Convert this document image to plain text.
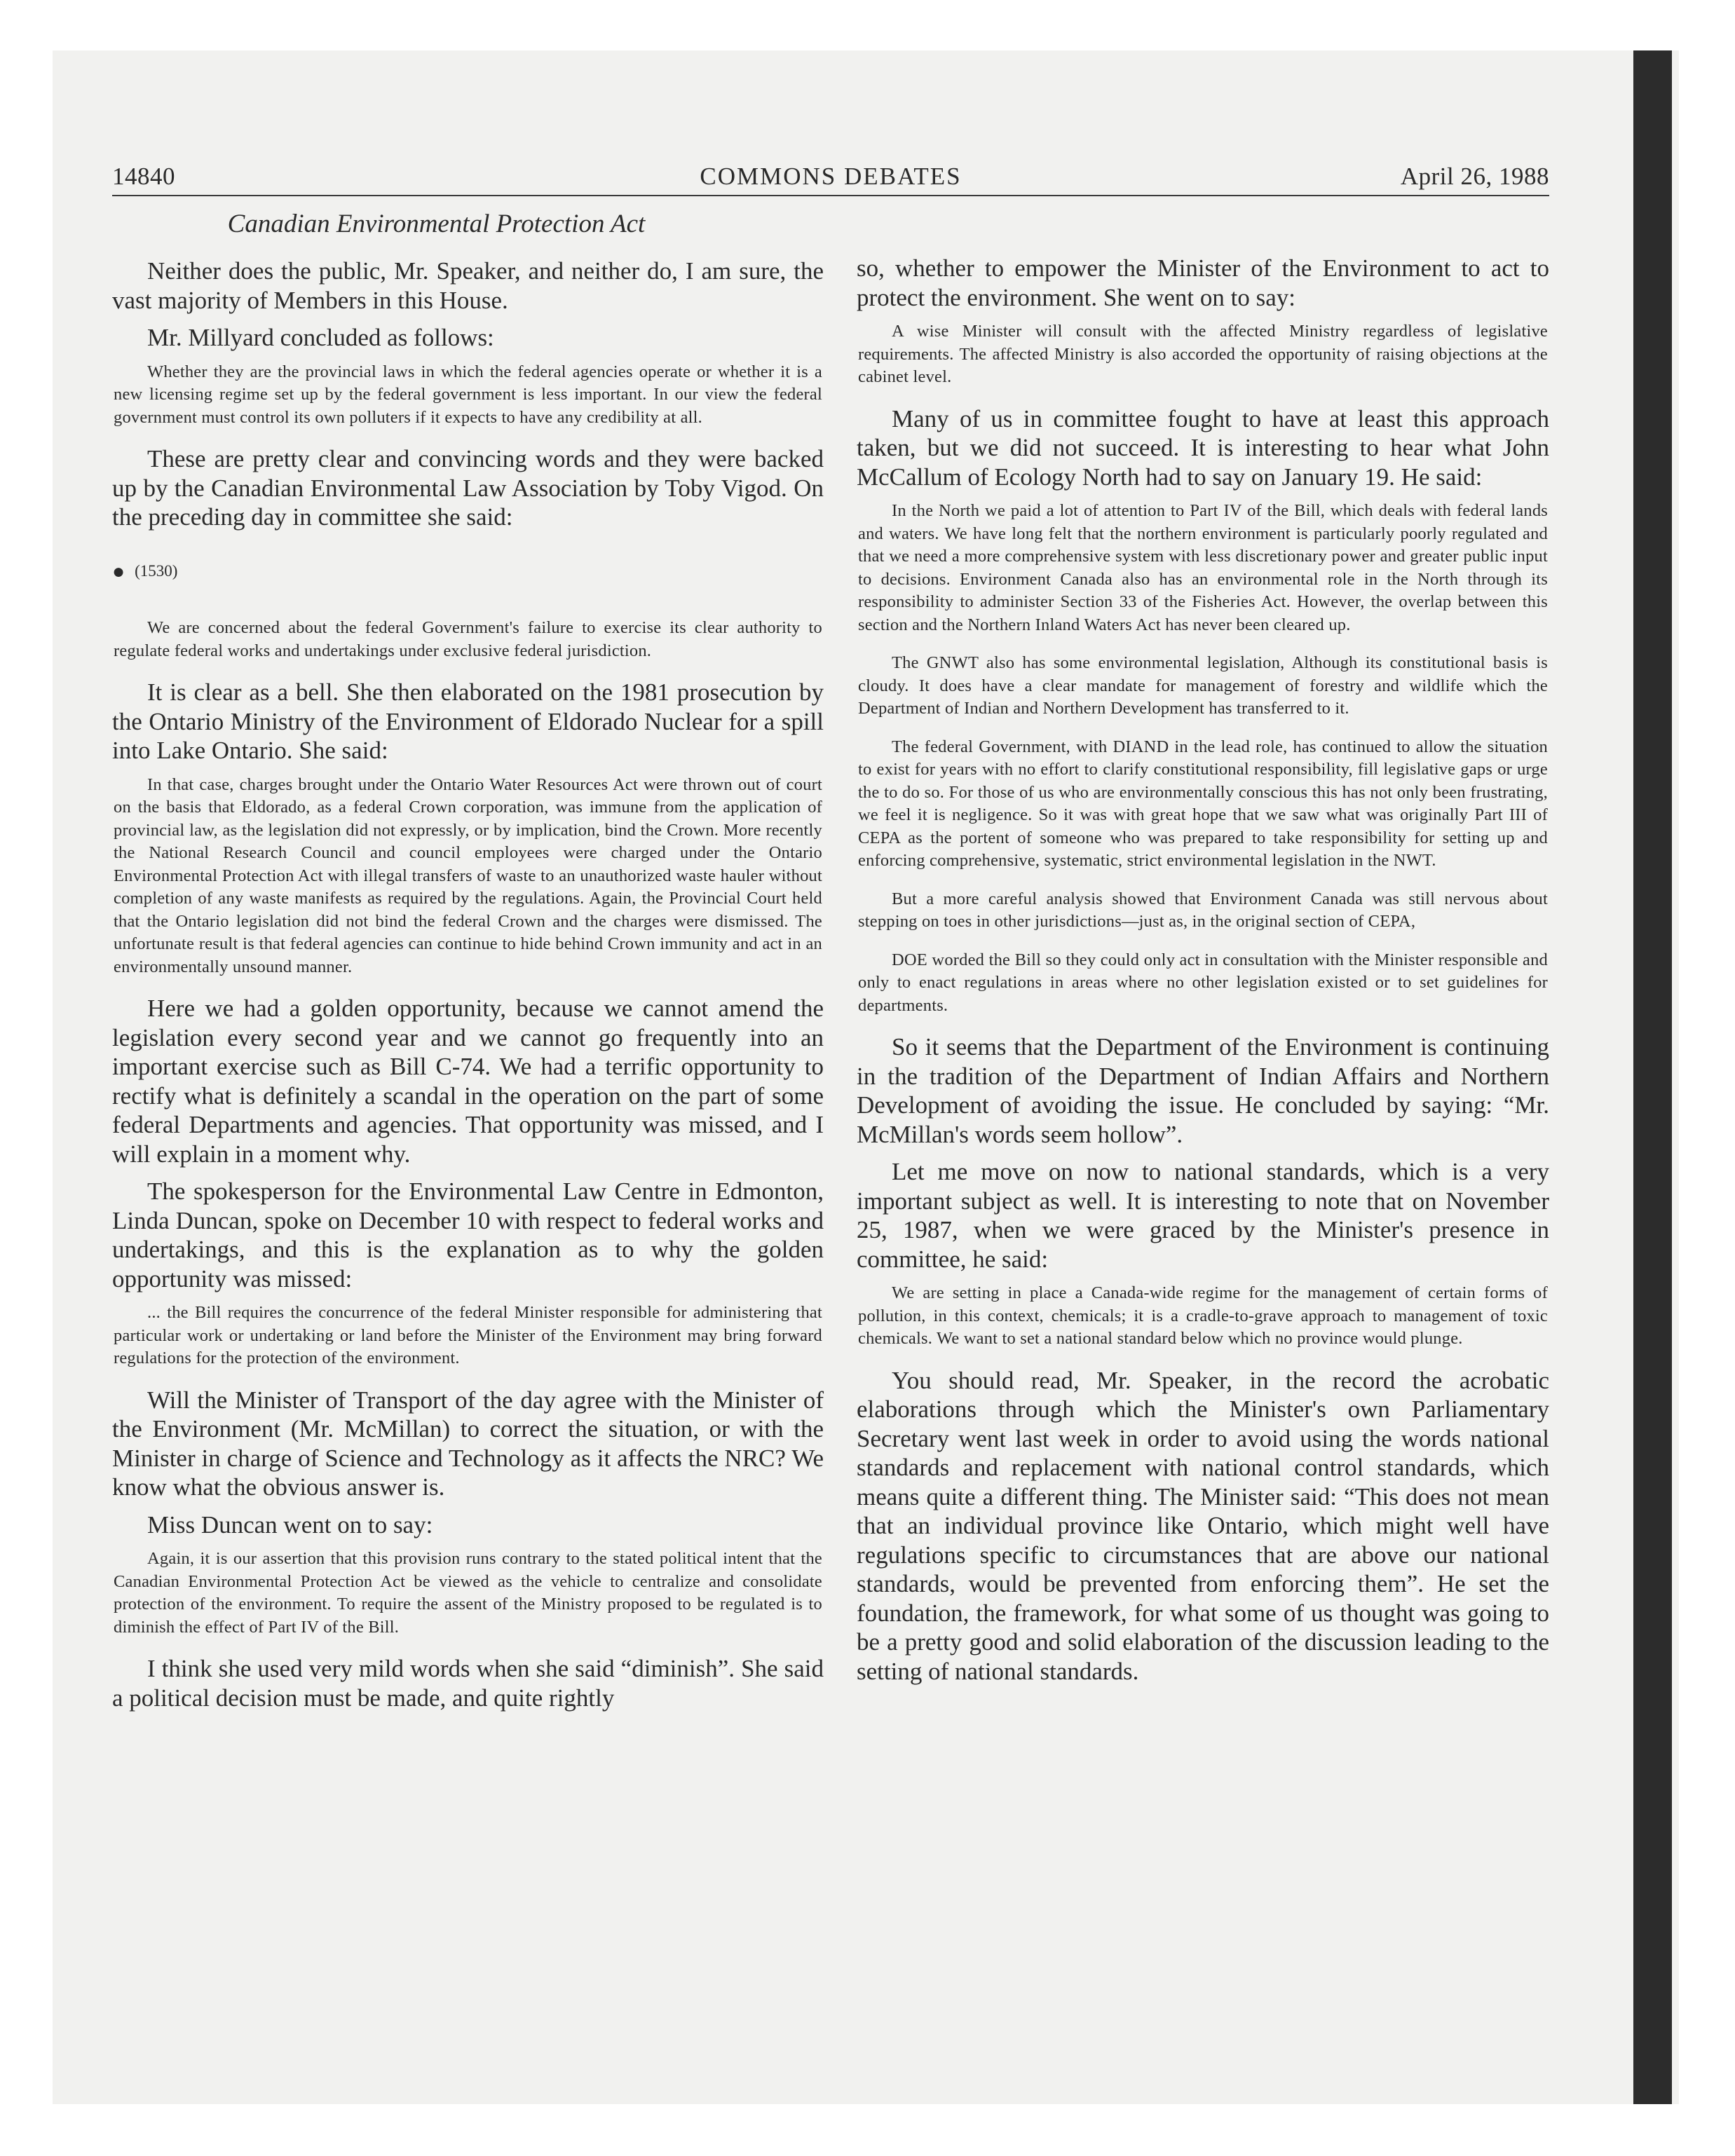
14840	COMMONS DEBATES	April 26, 1988
Canadian Environmental Protection Act

Neither does the public, Mr. Speaker, and neither do, I am sure, the vast majority of Members in this House.

Mr. Millyard concluded as follows:

Whether they are the provincial laws in which the federal agencies operate or whether it is a new licensing regime set up by the federal government is less important. In our view the federal government must control its own polluters if it expects to have any credibility at all.

These are pretty clear and convincing words and they were backed up by the Canadian Environmental Law Association by Toby Vigod. On the preceding day in committee she said:

● (1530)

We are concerned about the federal Government's failure to exercise its clear authority to regulate federal works and undertakings under exclusive federal jurisdiction.

It is clear as a bell. She then elaborated on the 1981 prosecution by the Ontario Ministry of the Environment of Eldorado Nuclear for a spill into Lake Ontario. She said:

In that case, charges brought under the Ontario Water Resources Act were thrown out of court on the basis that Eldorado, as a federal Crown corporation, was immune from the application of provincial law, as the legislation did not expressly, or by implication, bind the Crown. More recently the National Research Council and council employees were charged under the Ontario Environmental Protection Act with illegal transfers of waste to an unauthorized waste hauler without completion of any waste manifests as required by the regulations. Again, the Provincial Court held that the Ontario legislation did not bind the federal Crown and the charges were dismissed. The unfortunate result is that federal agencies can continue to hide behind Crown immunity and act in an environmentally unsound manner.

Here we had a golden opportunity, because we cannot amend the legislation every second year and we cannot go frequently into an important exercise such as Bill C-74. We had a terrific opportunity to rectify what is definitely a scandal in the operation on the part of some federal Departments and agencies. That opportunity was missed, and I will explain in a moment why.

The spokesperson for the Environmental Law Centre in Edmonton, Linda Duncan, spoke on December 10 with respect to federal works and undertakings, and this is the explanation as to why the golden opportunity was missed:

... the Bill requires the concurrence of the federal Minister responsible for administering that particular work or undertaking or land before the Minister of the Environment may bring forward regulations for the protection of the environment.

Will the Minister of Transport of the day agree with the Minister of the Environment (Mr. McMillan) to correct the situation, or with the Minister in charge of Science and Technology as it affects the NRC? We know what the obvious answer is.

Miss Duncan went on to say:

Again, it is our assertion that this provision runs contrary to the stated political intent that the Canadian Environmental Protection Act be viewed as the vehicle to centralize and consolidate protection of the environment. To require the assent of the Ministry proposed to be regulated is to diminish the effect of Part IV of the Bill.

I think she used very mild words when she said “diminish”. She said a political decision must be made, and quite rightly

so, whether to empower the Minister of the Environment to act to protect the environment. She went on to say:

A wise Minister will consult with the affected Ministry regardless of legislative requirements. The affected Ministry is also accorded the opportunity of raising objections at the cabinet level.

Many of us in committee fought to have at least this approach taken, but we did not succeed. It is interesting to hear what John McCallum of Ecology North had to say on January 19. He said:

In the North we paid a lot of attention to Part IV of the Bill, which deals with federal lands and waters. We have long felt that the northern environment is particularly poorly regulated and that we need a more comprehensive system with less discretionary power and greater public input to decisions. Environment Canada also has an environmental role in the North through its responsibility to administer Section 33 of the Fisheries Act. However, the overlap between this section and the Northern Inland Waters Act has never been cleared up.

The GNWT also has some environmental legislation, Although its constitutional basis is cloudy. It does have a clear mandate for management of forestry and wildlife which the Department of Indian and Northern Development has transferred to it.

The federal Government, with DIAND in the lead role, has continued to allow the situation to exist for years with no effort to clarify constitutional responsibility, fill legislative gaps or urge the to do so. For those of us who are environmentally conscious this has not only been frustrating, we feel it is negligence. So it was with great hope that we saw what was originally Part III of CEPA as the portent of someone who was prepared to take responsibility for setting up and enforcing comprehensive, systematic, strict environmental legislation in the NWT.

But a more careful analysis showed that Environment Canada was still nervous about stepping on toes in other jurisdictions—just as, in the original section of CEPA,

DOE worded the Bill so they could only act in consultation with the Minister responsible and only to enact regulations in areas where no other legislation existed or to set guidelines for departments.

So it seems that the Department of the Environment is continuing in the tradition of the Department of Indian Affairs and Northern Development of avoiding the issue. He concluded by saying: “Mr. McMillan's words seem hollow”.

Let me move on now to national standards, which is a very important subject as well. It is interesting to note that on November 25, 1987, when we were graced by the Minister's presence in committee, he said:

We are setting in place a Canada-wide regime for the management of certain forms of pollution, in this context, chemicals; it is a cradle-to-grave approach to management of toxic chemicals. We want to set a national standard below which no province would plunge.

You should read, Mr. Speaker, in the record the acrobatic elaborations through which the Minister's own Parliamentary Secretary went last week in order to avoid using the words national standards and replacement with national control standards, which means quite a different thing. The Minister said: “This does not mean that an individual province like Ontario, which might well have regulations specific to circumstances that are above our national standards, would be prevented from enforcing them”. He set the foundation, the framework, for what some of us thought was going to be a pretty good and solid elaboration of the discussion leading to the setting of national standards.
